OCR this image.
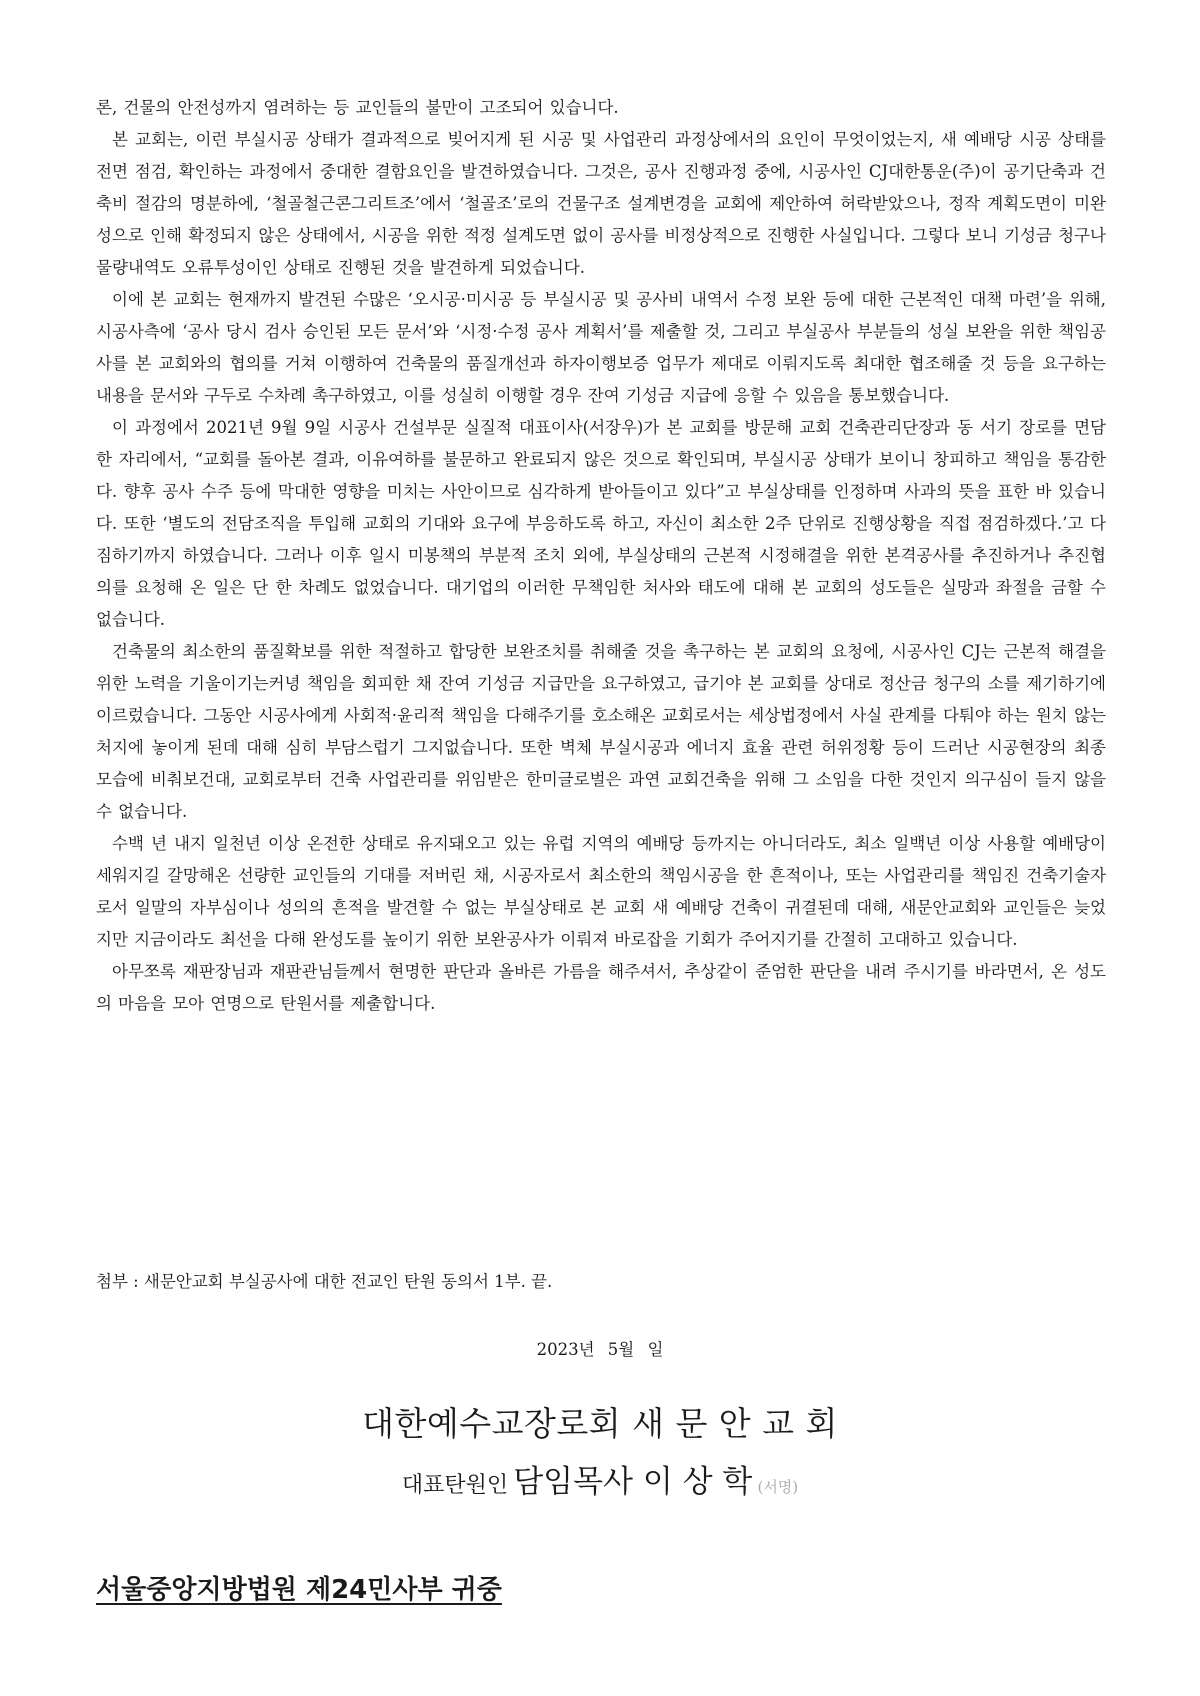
론, 건물의 안전성까지 염려하는 등 교인들의 불만이 고조되어 있습니다.

본 교회는, 이런 부실시공 상태가 결과적으로 빚어지게 된 시공 및 사업관리 과정상에서의 요인이 무엇이었는지, 새 예배당 시공 상태를 전면 점검, 확인하는 과정에서 중대한 결함요인을 발견하였습니다. 그것은, 공사 진행과정 중에, 시공사인 CJ대한통운(주)이 공기단축과 건축비 절감의 명분하에, ‘철골철근콘그리트조’에서 ‘철골조’로의 건물구조 설계변경을 교회에 제안하여 허락받았으나, 정작 계획도면이 미완성으로 인해 확정되지 않은 상태에서, 시공을 위한 적정 설계도면 없이 공사를 비정상적으로 진행한 사실입니다. 그렇다 보니 기성금 청구나 물량내역도 오류투성이인 상태로 진행된 것을 발견하게 되었습니다.

이에 본 교회는 현재까지 발견된 수많은 ‘오시공·미시공 등 부실시공 및 공사비 내역서 수정 보완 등에 대한 근본적인 대책 마련’을 위해, 시공사측에 ‘공사 당시 검사 승인된 모든 문서’와 ‘시정·수정 공사 계획서’를 제출할 것, 그리고 부실공사 부분들의 성실 보완을 위한 책임공사를 본 교회와의 협의를 거쳐 이행하여 건축물의 품질개선과 하자이행보증 업무가 제대로 이뤄지도록 최대한 협조해줄 것 등을 요구하는 내용을 문서와 구두로 수차례 촉구하였고, 이를 성실히 이행할 경우 잔여 기성금 지급에 응할 수 있음을 통보했습니다.

이 과정에서 2021년 9월 9일 시공사 건설부문 실질적 대표이사(서장우)가 본 교회를 방문해 교회 건축관리단장과 동 서기 장로를 면담한 자리에서, “교회를 돌아본 결과, 이유여하를 불문하고 완료되지 않은 것으로 확인되며, 부실시공 상태가 보이니 창피하고 책임을 통감한다. 향후 공사 수주 등에 막대한 영향을 미치는 사안이므로 심각하게 받아들이고 있다”고 부실상태를 인정하며 사과의 뜻을 표한 바 있습니다. 또한 ‘별도의 전담조직을 투입해 교회의 기대와 요구에 부응하도록 하고, 자신이 최소한 2주 단위로 진행상황을 직접 점검하겠다.’고 다짐하기까지 하였습니다. 그러나 이후 일시 미봉책의 부분적 조치 외에, 부실상태의 근본적 시정해결을 위한 본격공사를 추진하거나 추진협의를 요청해 온 일은 단 한 차례도 없었습니다. 대기업의 이러한 무책임한 처사와 태도에 대해 본 교회의 성도들은 실망과 좌절을 금할 수 없습니다.

건축물의 최소한의 품질확보를 위한 적절하고 합당한 보완조치를 취해줄 것을 촉구하는 본 교회의 요청에, 시공사인 CJ는 근본적 해결을 위한 노력을 기울이기는커녕 책임을 회피한 채 잔여 기성금 지급만을 요구하였고, 급기야 본 교회를 상대로 정산금 청구의 소를 제기하기에 이르렀습니다. 그동안 시공사에게 사회적·윤리적 책임을 다해주기를 호소해온 교회로서는 세상법정에서 사실 관계를 다퉈야 하는 원치 않는 처지에 놓이게 된데 대해 심히 부담스럽기 그지없습니다. 또한 벽체 부실시공과 에너지 효율 관련 허위정황 등이 드러난 시공현장의 최종 모습에 비춰보건대, 교회로부터 건축 사업관리를 위임받은 한미글로벌은 과연 교회건축을 위해 그 소임을 다한 것인지 의구심이 들지 않을 수 없습니다.

수백 년 내지 일천년 이상 온전한 상태로 유지돼오고 있는 유럽 지역의 예배당 등까지는 아니더라도, 최소 일백년 이상 사용할 예배당이 세워지길 갈망해온 선량한 교인들의 기대를 저버린 채, 시공자로서 최소한의 책임시공을 한 흔적이나, 또는 사업관리를 책임진 건축기술자로서 일말의 자부심이나 성의의 흔적을 발견할 수 없는 부실상태로 본 교회 새 예배당 건축이 귀결된데 대해, 새문안교회와 교인들은 늦었지만 지금이라도 최선을 다해 완성도를 높이기 위한 보완공사가 이뤄져 바로잡을 기회가 주어지기를 간절히 고대하고 있습니다.

아무쪼록 재판장님과 재판관님들께서 현명한 판단과 올바른 가름을 해주셔서, 추상같이 준엄한 판단을 내려 주시기를 바라면서, 온 성도의 마음을 모아 연명으로 탄원서를 제출합니다.

첨부 : 새문안교회 부실공사에 대한 전교인 탄원 동의서 1부. 끝.

2023년 5월 일

대한예수교장로회 새 문 안 교 회

대표탄원인 담임목사 이 상 학 (서명)

서울중앙지방법원 제24민사부 귀중
